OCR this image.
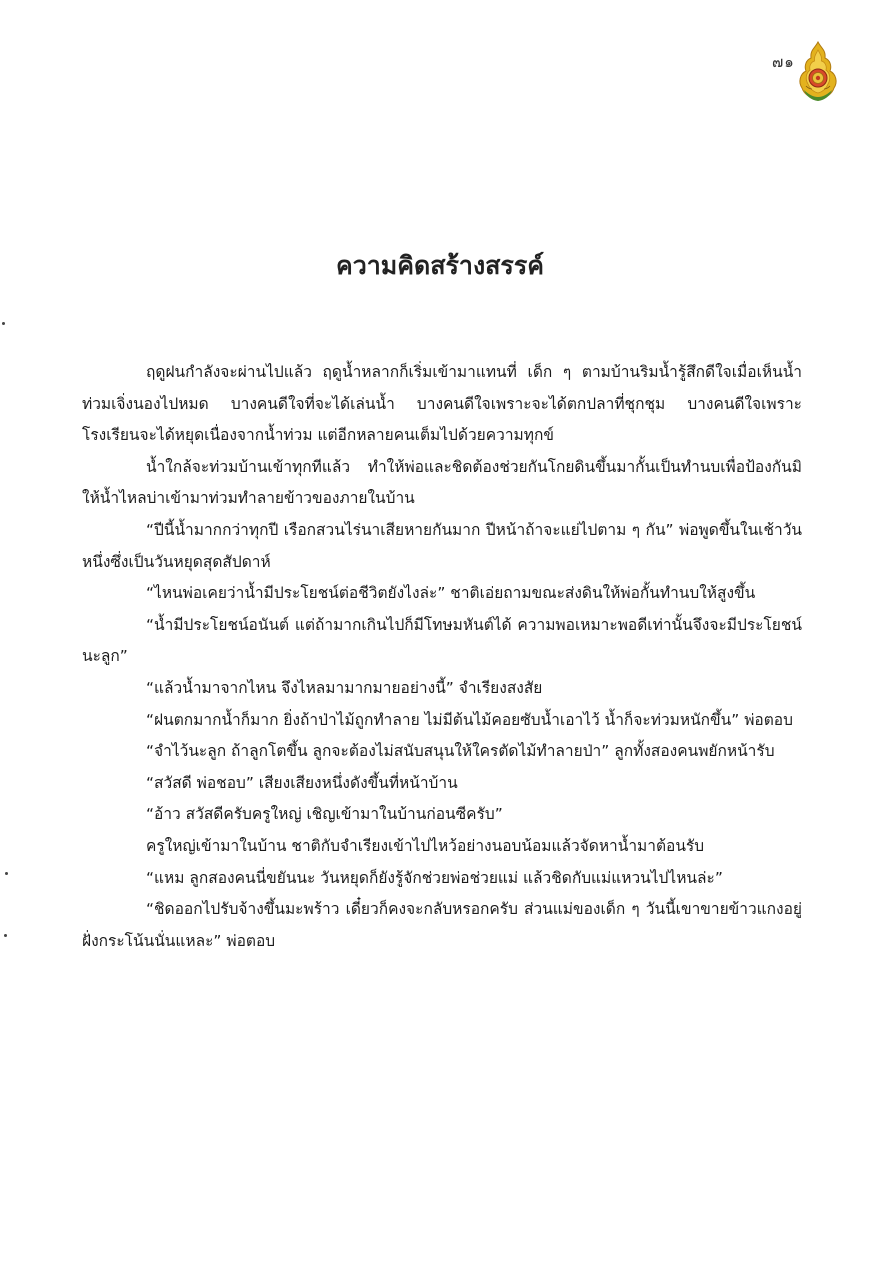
๗๑
ความคิดสร้างสรรค์

ฤดูฝนกำลังจะผ่านไปแล้ว ฤดูน้ำหลากก็เริ่มเข้ามาแทนที่ เด็ก ๆ ตามบ้านริมน้ำรู้สึกดีใจเมื่อเห็นน้ำท่วมเจิ่งนองไปหมด บางคนดีใจที่จะได้เล่นน้ำ บางคนดีใจเพราะจะได้ตกปลาที่ชุกชุม บางคนดีใจเพราะโรงเรียนจะได้หยุดเนื่องจากน้ำท่วม แต่อีกหลายคนเต็มไปด้วยความทุกข์

น้ำใกล้จะท่วมบ้านเข้าทุกทีแล้ว ทำให้พ่อและชิดต้องช่วยกันโกยดินขึ้นมากั้นเป็นทำนบเพื่อป้องกันมิให้น้ำไหลบ่าเข้ามาท่วมทำลายข้าวของภายในบ้าน

“ปีนี้น้ำมากกว่าทุกปี เรือกสวนไร่นาเสียหายกันมาก ปีหน้าถ้าจะแย่ไปตาม ๆ กัน” พ่อพูดขึ้นในเช้าวันหนึ่งซึ่งเป็นวันหยุดสุดสัปดาห์

“ไหนพ่อเคยว่าน้ำมีประโยชน์ต่อชีวิตยังไงล่ะ” ชาติเอ่ยถามขณะส่งดินให้พ่อกั้นทำนบให้สูงขึ้น

“น้ำมีประโยชน์อนันต์ แต่ถ้ามากเกินไปก็มีโทษมหันต์ได้ ความพอเหมาะพอดีเท่านั้นจึงจะมีประโยชน์นะลูก”

“แล้วน้ำมาจากไหน จึงไหลมามากมายอย่างนี้” จำเรียงสงสัย

“ฝนตกมากน้ำก็มาก ยิ่งถ้าป่าไม้ถูกทำลาย ไม่มีต้นไม้คอยซับน้ำเอาไว้ น้ำก็จะท่วมหนักขึ้น” พ่อตอบ

“จำไว้นะลูก ถ้าลูกโตขึ้น ลูกจะต้องไม่สนับสนุนให้ใครตัดไม้ทำลายป่า” ลูกทั้งสองคนพยักหน้ารับ

“สวัสดี พ่อชอบ” เสียงเสียงหนึ่งดังขึ้นที่หน้าบ้าน

“อ้าว สวัสดีครับครูใหญ่ เชิญเข้ามาในบ้านก่อนซีครับ”

ครูใหญ่เข้ามาในบ้าน ชาติกับจำเรียงเข้าไปไหว้อย่างนอบน้อมแล้วจัดหาน้ำมาต้อนรับ

“แหม ลูกสองคนนี่ขยันนะ วันหยุดก็ยังรู้จักช่วยพ่อช่วยแม่ แล้วชิดกับแม่แหวนไปไหนล่ะ”

“ชิดออกไปรับจ้างขึ้นมะพร้าว เดี๋ยวก็คงจะกลับหรอกครับ ส่วนแม่ของเด็ก ๆ วันนี้เขาขายข้าวแกงอยู่ฝั่งกระโน้นนั่นแหละ” พ่อตอบ
